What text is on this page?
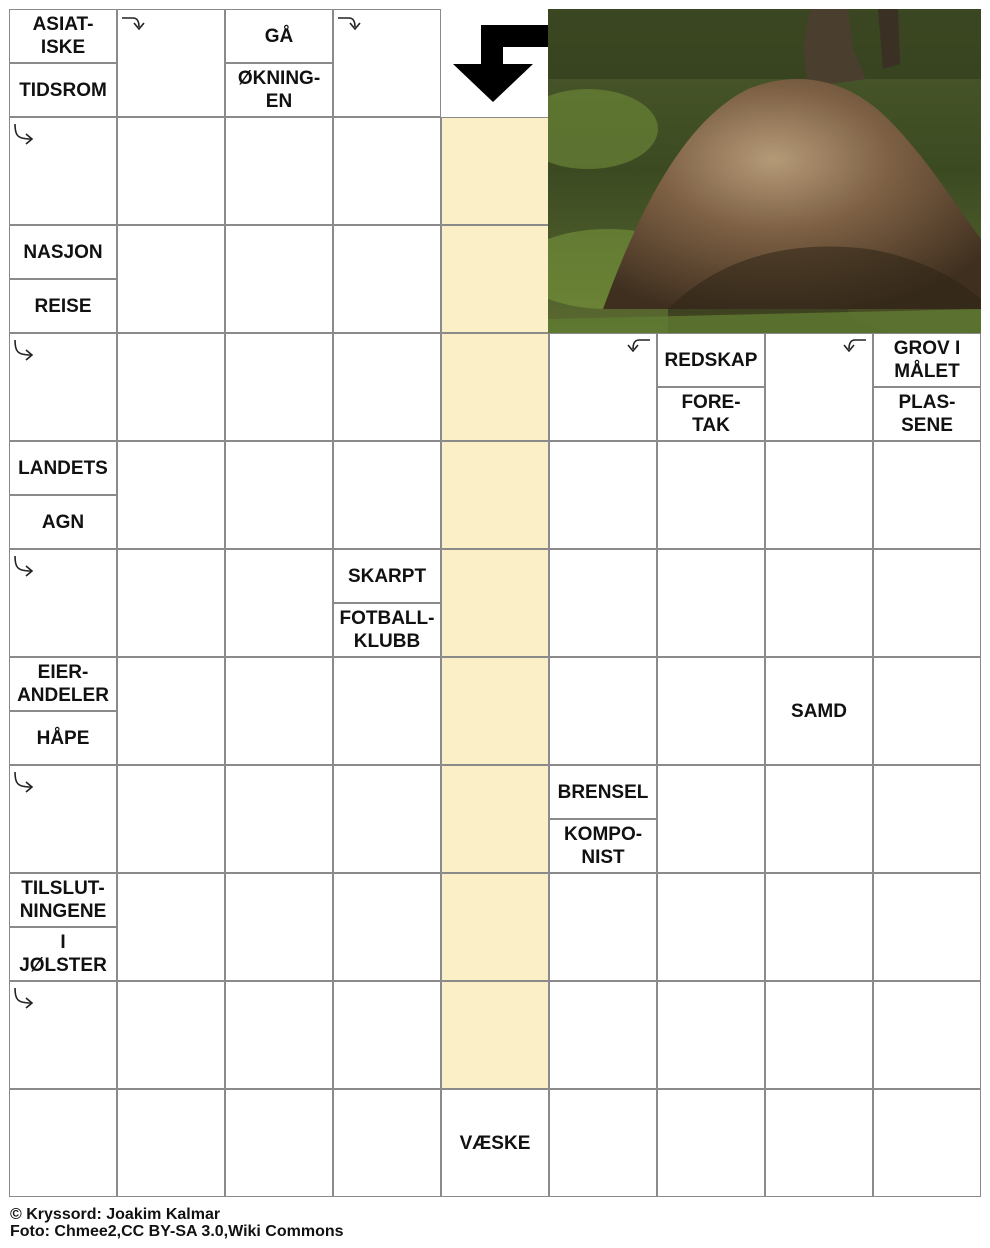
ASIAT-
ISKE
TIDSROM
GÅ
ØKNING-
EN
NASJON
REISE
REDSKAP
FORE-
TAK
GROV I
MÅLET
PLAS-
SENE
LANDETS
AGN
SKARPT
FOTBALL-
KLUBB
EIER-
ANDELER
HÅPE
SAMD
BRENSEL
KOMPO-
NIST
TILSLUT-
NINGENE
I
JØLSTER
VÆSKE
© Kryssord: Joakim Kalmar
Foto: Chmee2,CC BY-SA 3.0,Wiki Commons
